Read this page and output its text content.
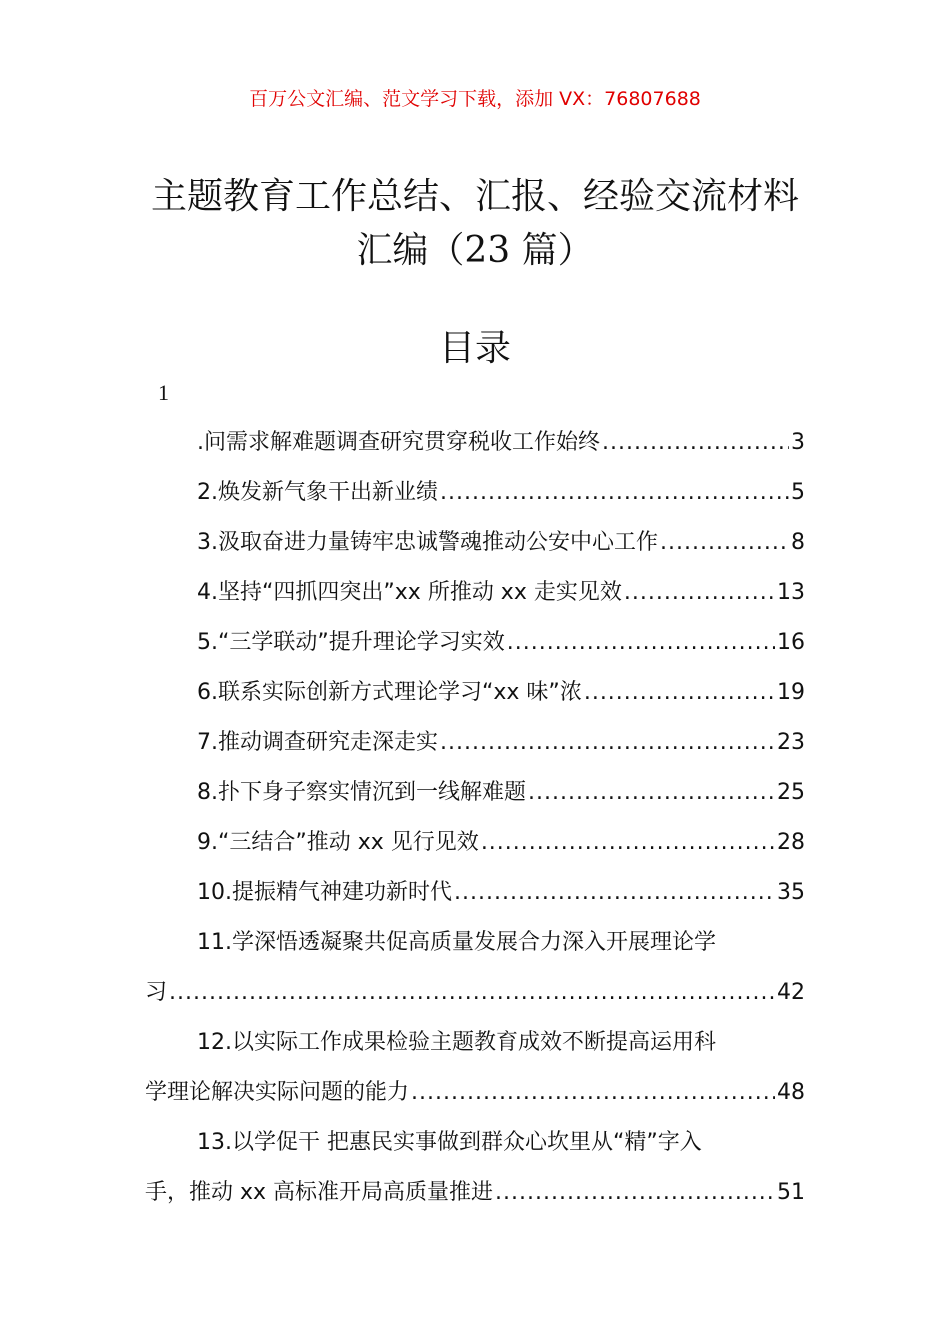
百万公文汇编、范文学习下载，添加 VX：76807688
主题教育工作总结、汇报、经验交流材料
汇编（23 篇）
目录
1
.问需求解难题调查研究贯穿税收工作始终 .....	3
2.焕发新气象干出新业绩 .....	5
3.汲取奋进力量铸牢忠诚警魂推动公安中心工作 .....	8
4.坚持“四抓四突出”xx 所推动 xx 走实见效 .....	13
5.“三学联动”提升理论学习实效 .....	16
6.联系实际创新方式理论学习“xx 味”浓 .....	19
7.推动调查研究走深走实 .....	23
8.扑下身子察实情沉到一线解难题 .....	25
9.“三结合”推动 xx 见行见效 .....	28
10.提振精气神建功新时代 .....	35
11.学深悟透凝聚共促高质量发展合力深入开展理论学
习 .....	42
12.以实际工作成果检验主题教育成效不断提高运用科
学理论解决实际问题的能力 .....	48
13.以学促干 把惠民实事做到群众心坎里从“精”字入
手，推动 xx 高标准开局高质量推进 .....	51
